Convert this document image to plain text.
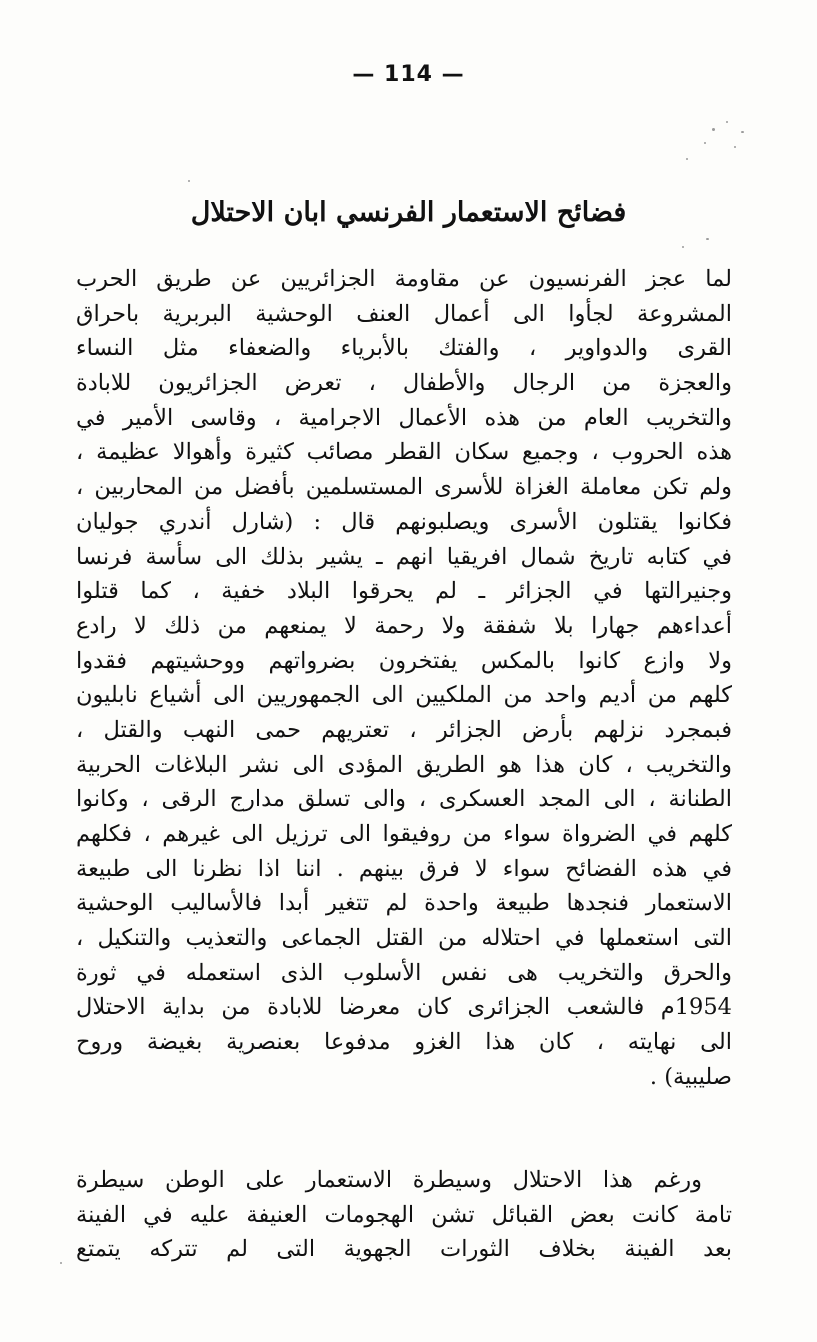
— 114 —
فضائح الاستعمار الفرنسي ابان الاحتلال
لما عجز الفرنسيون عن مقاومة الجزائريين عن طريق الحرب
المشروعة لجأوا الى أعمال العنف الوحشية البربرية باحراق
القرى والدواوير ، والفتك بالأبرياء والضعفاء مثل النساء
والعجزة من الرجال والأطفال ، تعرض الجزائريون للابادة
والتخريب العام من هذه الأعمال الاجرامية ، وقاسى الأمير في
هذه الحروب ، وجميع سكان القطر مصائب كثيرة وأهوالا عظيمة ،
ولم تكن معاملة الغزاة للأسرى المستسلمين بأفضل من المحاربين ،
فكانوا يقتلون الأسرى ويصلبونهم قال : (شارل أندري جوليان
في كتابه تاريخ شمال افريقيا انهم ـ يشير بذلك الى سأسة فرنسا
وجنيرالتها في الجزائر ـ لم يحرقوا البلاد خفية ، كما قتلوا
أعداءهم جهارا بلا شفقة ولا رحمة لا يمنعهم من ذلك لا رادع
ولا وازع كانوا بالمكس يفتخرون بضرواتهم ووحشيتهم فقدوا
كلهم من أديم واحد من الملكيين الى الجمهوريين الى أشياع نابليون
فبمجرد نزلهم بأرض الجزائر ، تعتريهم حمى النهب والقتل ،
والتخريب ، كان هذا هو الطريق المؤدى الى نشر البلاغات الحربية
الطنانة ، الى المجد العسكرى ، والى تسلق مدارج الرقى ، وكانوا
كلهم في الضرواة سواء من روفيقوا الى ترزيل الى غيرهم ، فكلهم
في هذه الفضائح سواء لا فرق بينهم . اننا اذا نظرنا الى طبيعة
الاستعمار فنجدها طبيعة واحدة لم تتغير أبدا فالأساليب الوحشية
التى استعملها في احتلاله من القتل الجماعى والتعذيب والتنكيل ،
والحرق والتخريب هى نفس الأسلوب الذى استعمله في ثورة
1954م فالشعب الجزائرى كان معرضا للابادة من بداية الاحتلال
الى نهايته ، كان هذا الغزو مدفوعا بعنصرية بغيضة وروح
صليبية) .
ورغم هذا الاحتلال وسيطرة الاستعمار على الوطن سيطرة
تامة كانت بعض القبائل تشن الهجومات العنيفة عليه في الفينة
بعد الفينة بخلاف الثورات الجهوية التى لم تتركه يتمتع
